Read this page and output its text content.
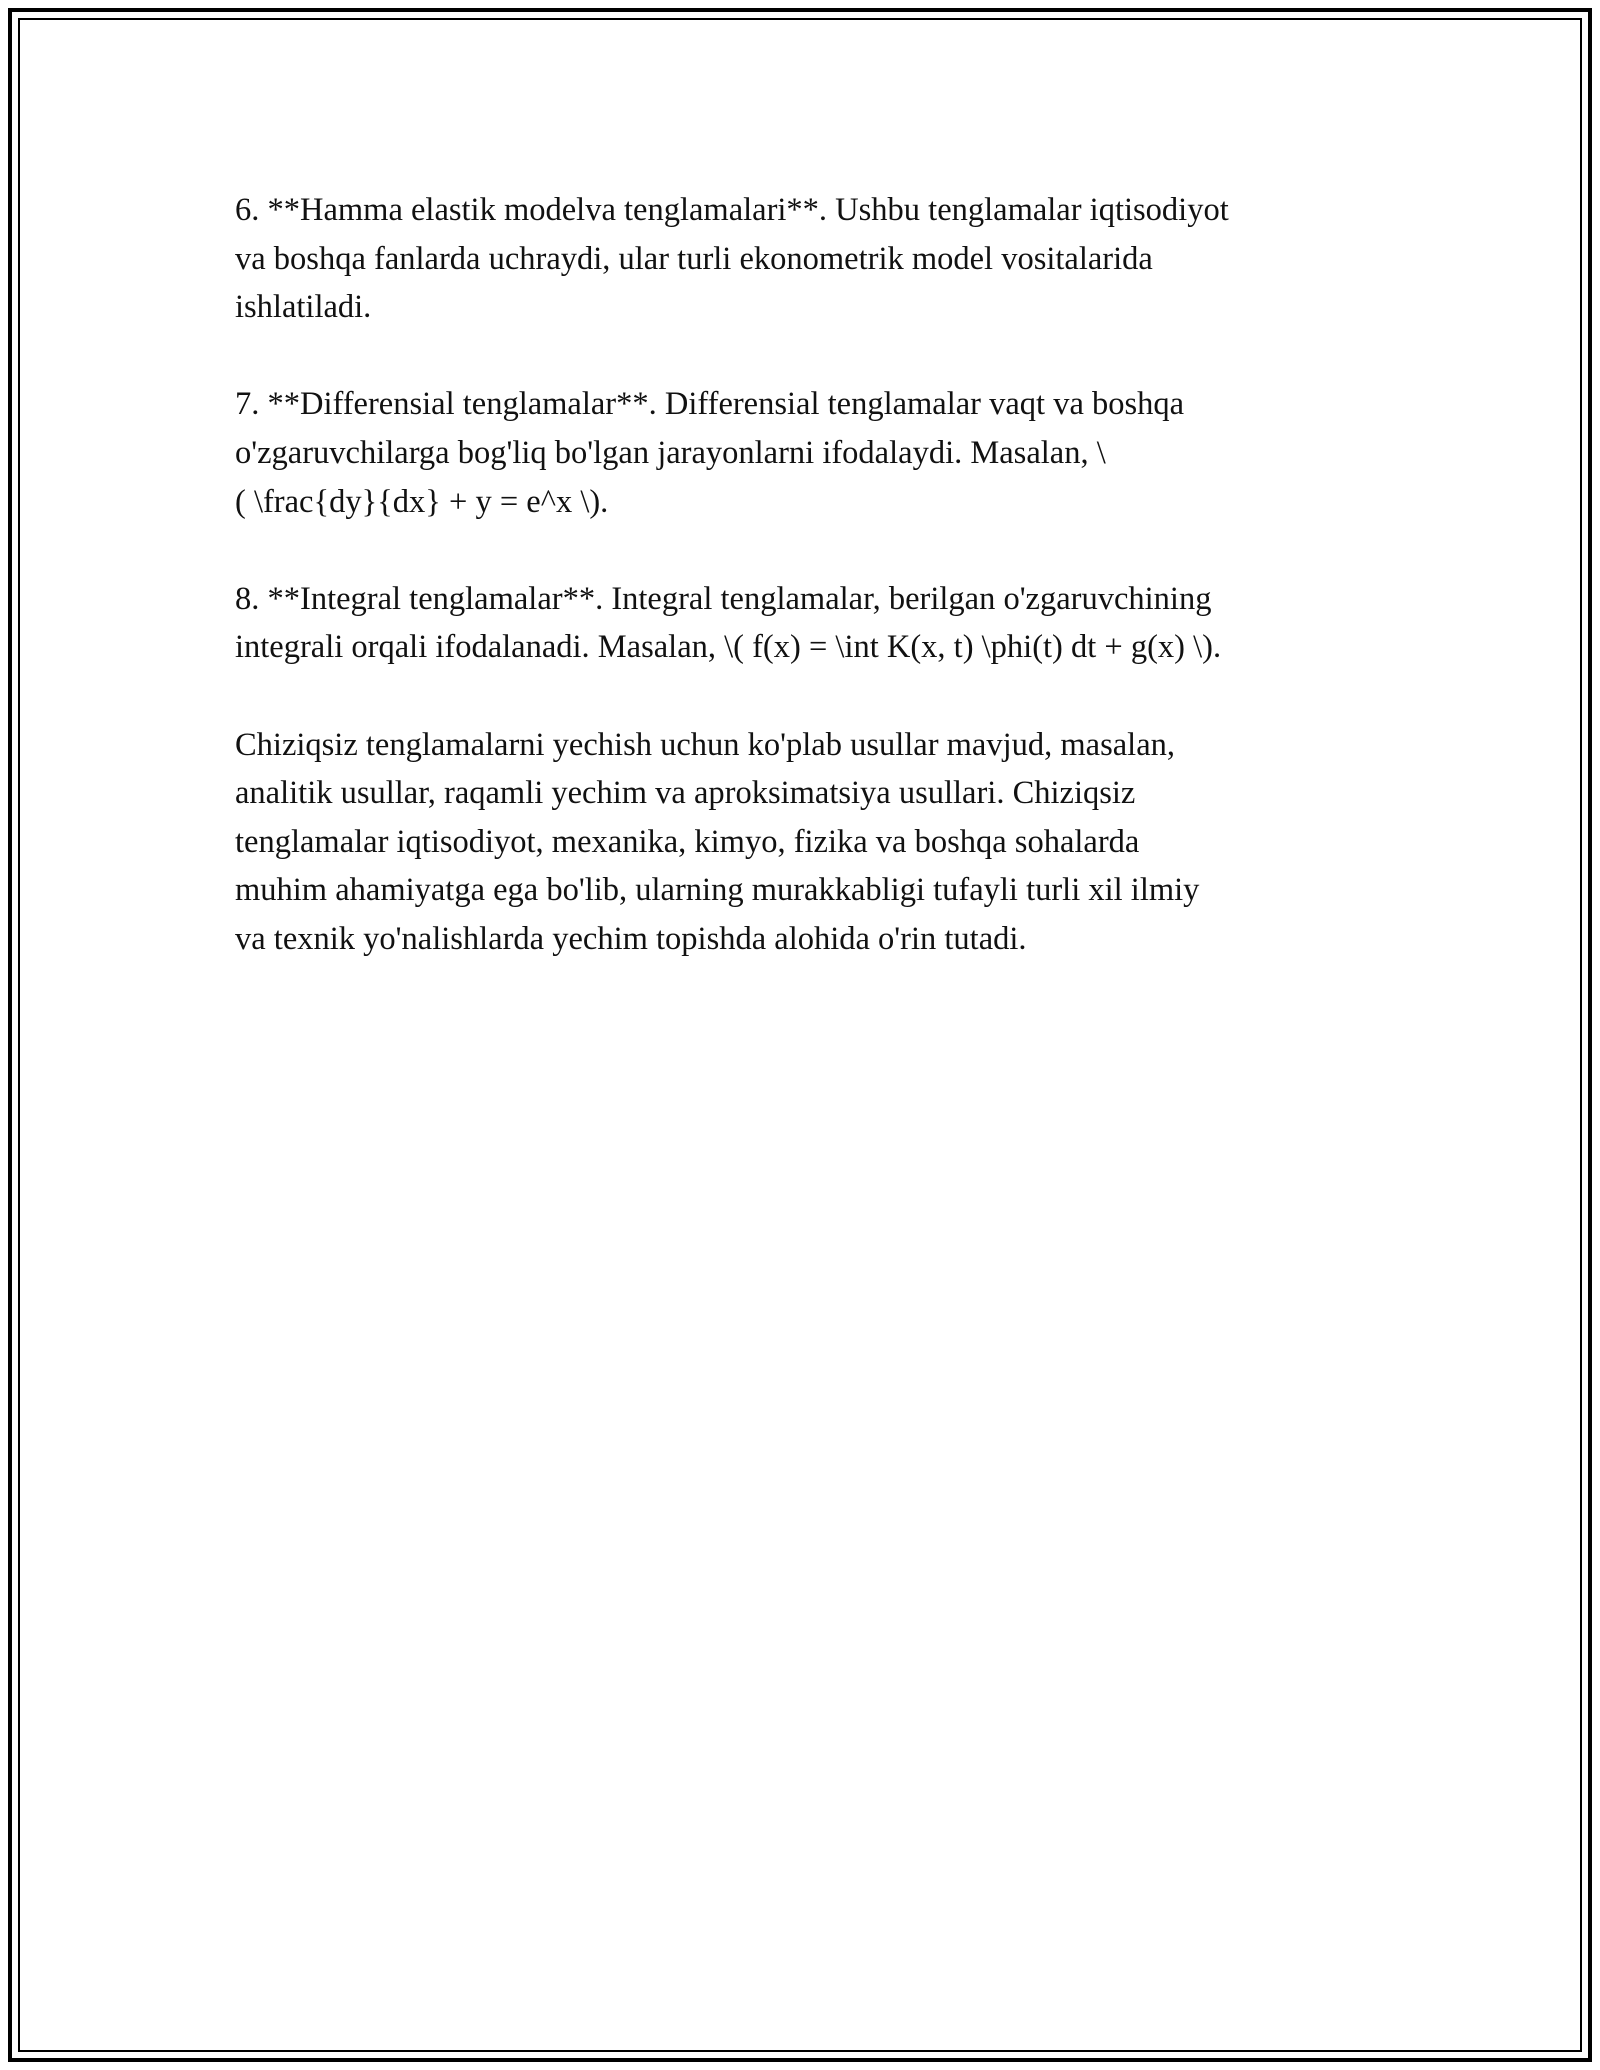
6. **Hamma elastik modelva tenglamalari**. Ushbu tenglamalar iqtisodiyot
va boshqa fanlarda uchraydi, ular turli ekonometrik model vositalarida
ishlatiladi.

7. **Differensial tenglamalar**. Differensial tenglamalar vaqt va boshqa
o'zgaruvchilarga bog'liq bo'lgan jarayonlarni ifodalaydi. Masalan, \
( \frac{dy}{dx} + y = e^x \).

8. **Integral tenglamalar**. Integral tenglamalar, berilgan o'zgaruvchining
integrali orqali ifodalanadi. Masalan, \( f(x) = \int K(x, t) \phi(t) dt + g(x) \).

Chiziqsiz tenglamalarni yechish uchun ko'plab usullar mavjud, masalan,
analitik usullar, raqamli yechim va aproksimatsiya usullari. Chiziqsiz
tenglamalar iqtisodiyot, mexanika, kimyo, fizika va boshqa sohalarda
muhim ahamiyatga ega bo'lib, ularning murakkabligi tufayli turli xil ilmiy
va texnik yo'nalishlarda yechim topishda alohida o'rin tutadi.
